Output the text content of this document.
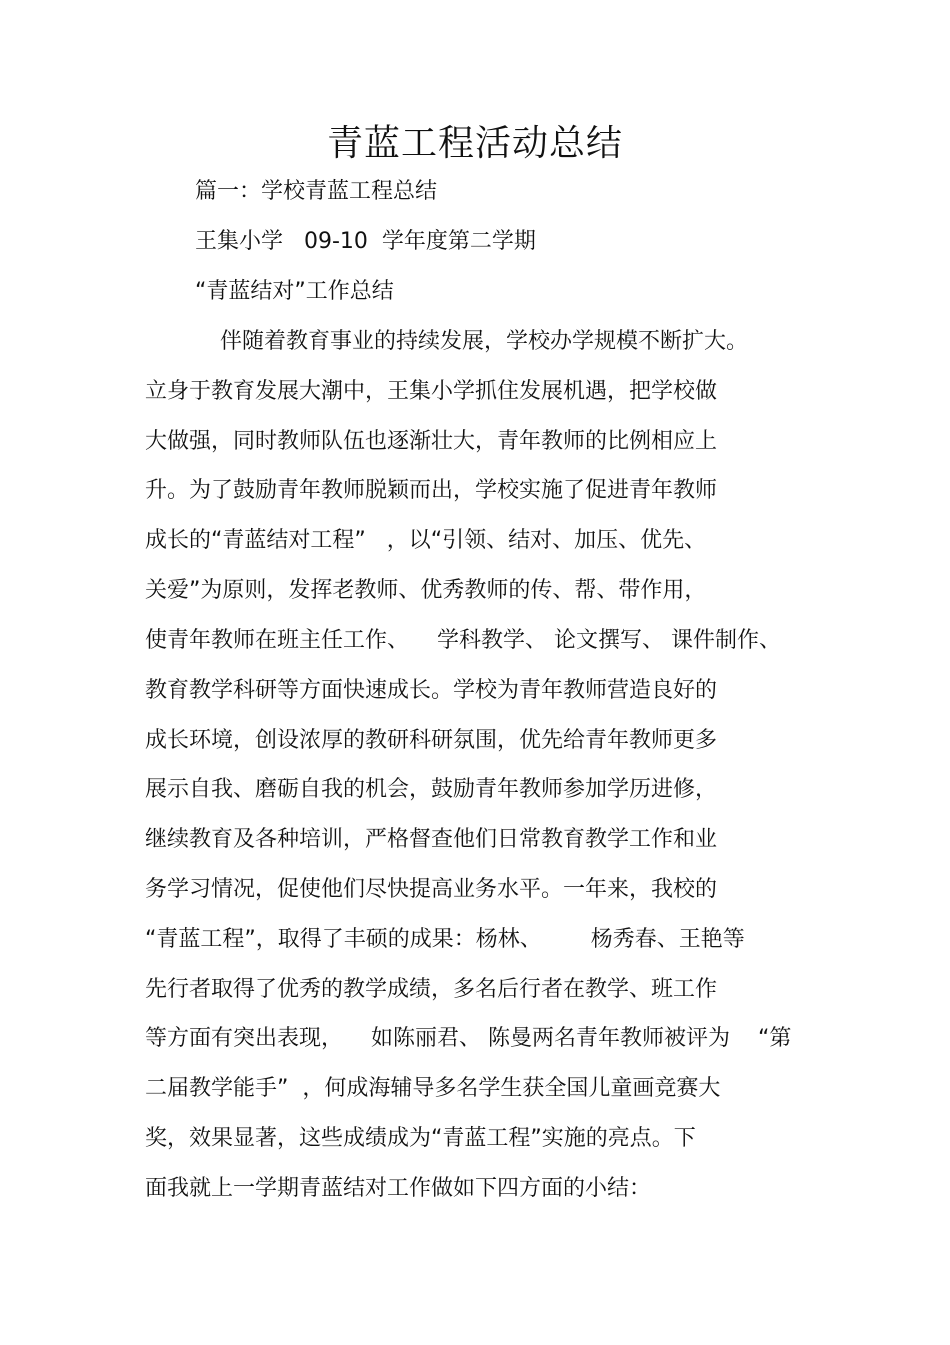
青蓝工程活动总结

篇一：学校青蓝工程总结

王集小学   09-10  学年度第二学期

“青蓝结对”工作总结

伴随着教育事业的持续发展，学校办学规模不断扩大。

立身于教育发展大潮中，王集小学抓住发展机遇，把学校做

大做强，同时教师队伍也逐渐壮大，青年教师的比例相应上

升。为了鼓励青年教师脱颖而出，学校实施了促进青年教师

成长的“青蓝结对工程”   ，以“引领、结对、加压、优先、

关爱”为原则，发挥老教师、优秀教师的传、帮、带作用，

使青年教师在班主任工作、    学科教学、 论文撰写、 课件制作、

教育教学科研等方面快速成长。学校为青年教师营造良好的

成长环境，创设浓厚的教研科研氛围，优先给青年教师更多

展示自我、磨砺自我的机会，鼓励青年教师参加学历进修，

继续教育及各种培训，严格督查他们日常教育教学工作和业

务学习情况，促使他们尽快提高业务水平。一年来，我校的

“青蓝工程”，取得了丰硕的成果：杨林、       杨秀春、王艳等

先行者取得了优秀的教学成绩，多名后行者在教学、班工作

等方面有突出表现，    如陈丽君、 陈曼两名青年教师被评为    “第

二届教学能手”  ，何成海辅导多名学生获全国儿童画竞赛大

奖，效果显著，这些成绩成为“青蓝工程”实施的亮点。下

面我就上一学期青蓝结对工作做如下四方面的小结：
